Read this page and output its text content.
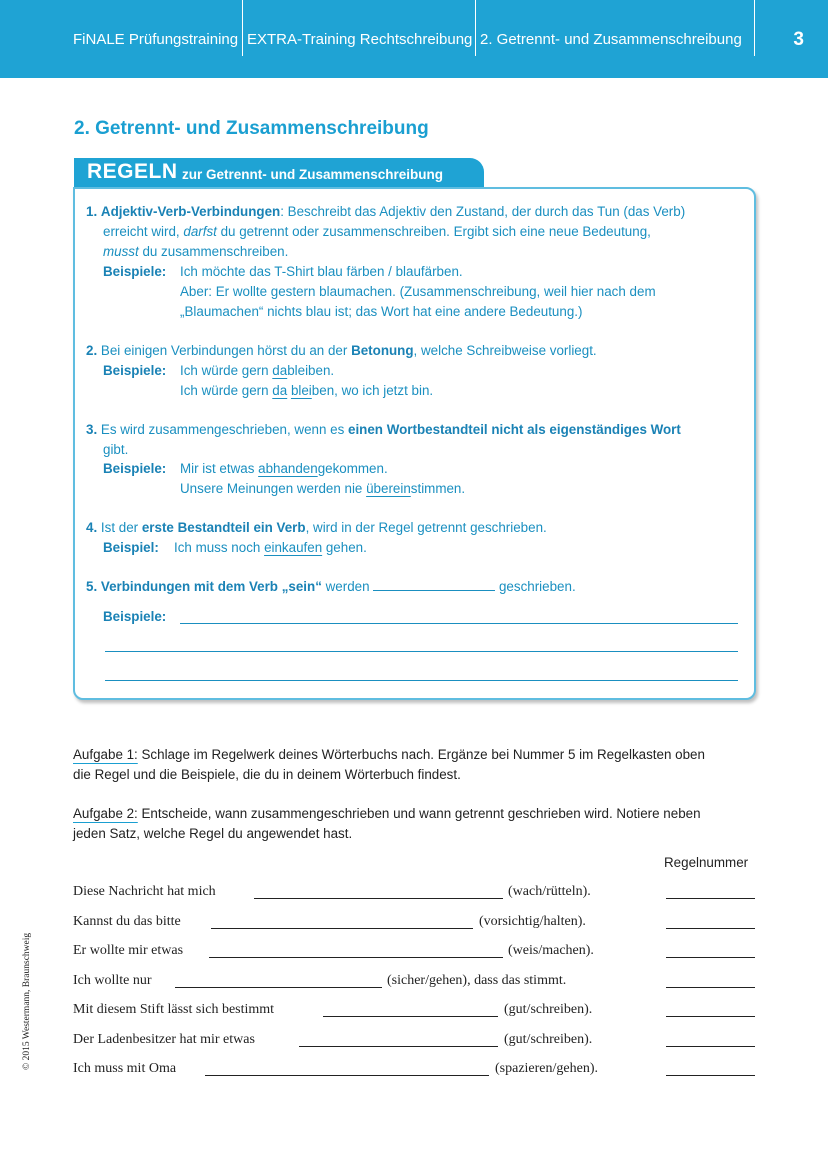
FiNALE Prüfungstraining EXTRA-Training Rechtschreibung 2. Getrennt- und Zusammenschreibung	3
2. Getrennt- und Zusammenschreibung
REGELN zur Getrennt- und Zusammenschreibung
1. Adjektiv-Verb-Verbindungen: Beschreibt das Adjektiv den Zustand, der durch das Tun (das Verb)
erreicht wird, darfst du getrennt oder zusammenschreiben. Ergibt sich eine neue Bedeutung,
musst du zusammenschreiben.
Beispiele: Ich möchte das T-Shirt blau färben / blaufärben.
Aber: Er wollte gestern blaumachen. (Zusammenschreibung, weil hier nach dem
„Blaumachen“ nichts blau ist; das Wort hat eine andere Bedeutung.)
2. Bei einigen Verbindungen hörst du an der Betonung, welche Schreibweise vorliegt.
Beispiele: Ich würde gern dableiben.
Ich würde gern da bleiben, wo ich jetzt bin.
3. Es wird zusammengeschrieben, wenn es einen Wortbestandteil nicht als eigenständiges Wort
gibt.
Beispiele: Mir ist etwas abhandengekommen.
Unsere Meinungen werden nie übereinstimmen.
4. Ist der erste Bestandteil ein Verb, wird in der Regel getrennt geschrieben.
Beispiel: Ich muss noch einkaufen gehen.
5. Verbindungen mit dem Verb „sein“ werden	geschrieben.
Beispiele:
Aufgabe 1: Schlage im Regelwerk deines Wörterbuchs nach. Ergänze bei Nummer 5 im Regelkasten oben
die Regel und die Beispiele, die du in deinem Wörterbuch findest.
Aufgabe 2: Entscheide, wann zusammengeschrieben und wann getrennt geschrieben wird. Notiere neben
jeden Satz, welche Regel du angewendet hast.
Regelnummer
Diese Nachricht hat mich	(wach/rütteln).
Kannst du das bitte	(vorsichtig/halten).
Er wollte mir etwas	(weis/machen).
Ich wollte nur	(sicher/gehen), dass das stimmt.
Mit diesem Stift lässt sich bestimmt	(gut/schreiben).
Der Ladenbesitzer hat mir etwas	(gut/schreiben).
Ich muss mit Oma	(spazieren/gehen).
© 2015 Westermann, Braunschweig
